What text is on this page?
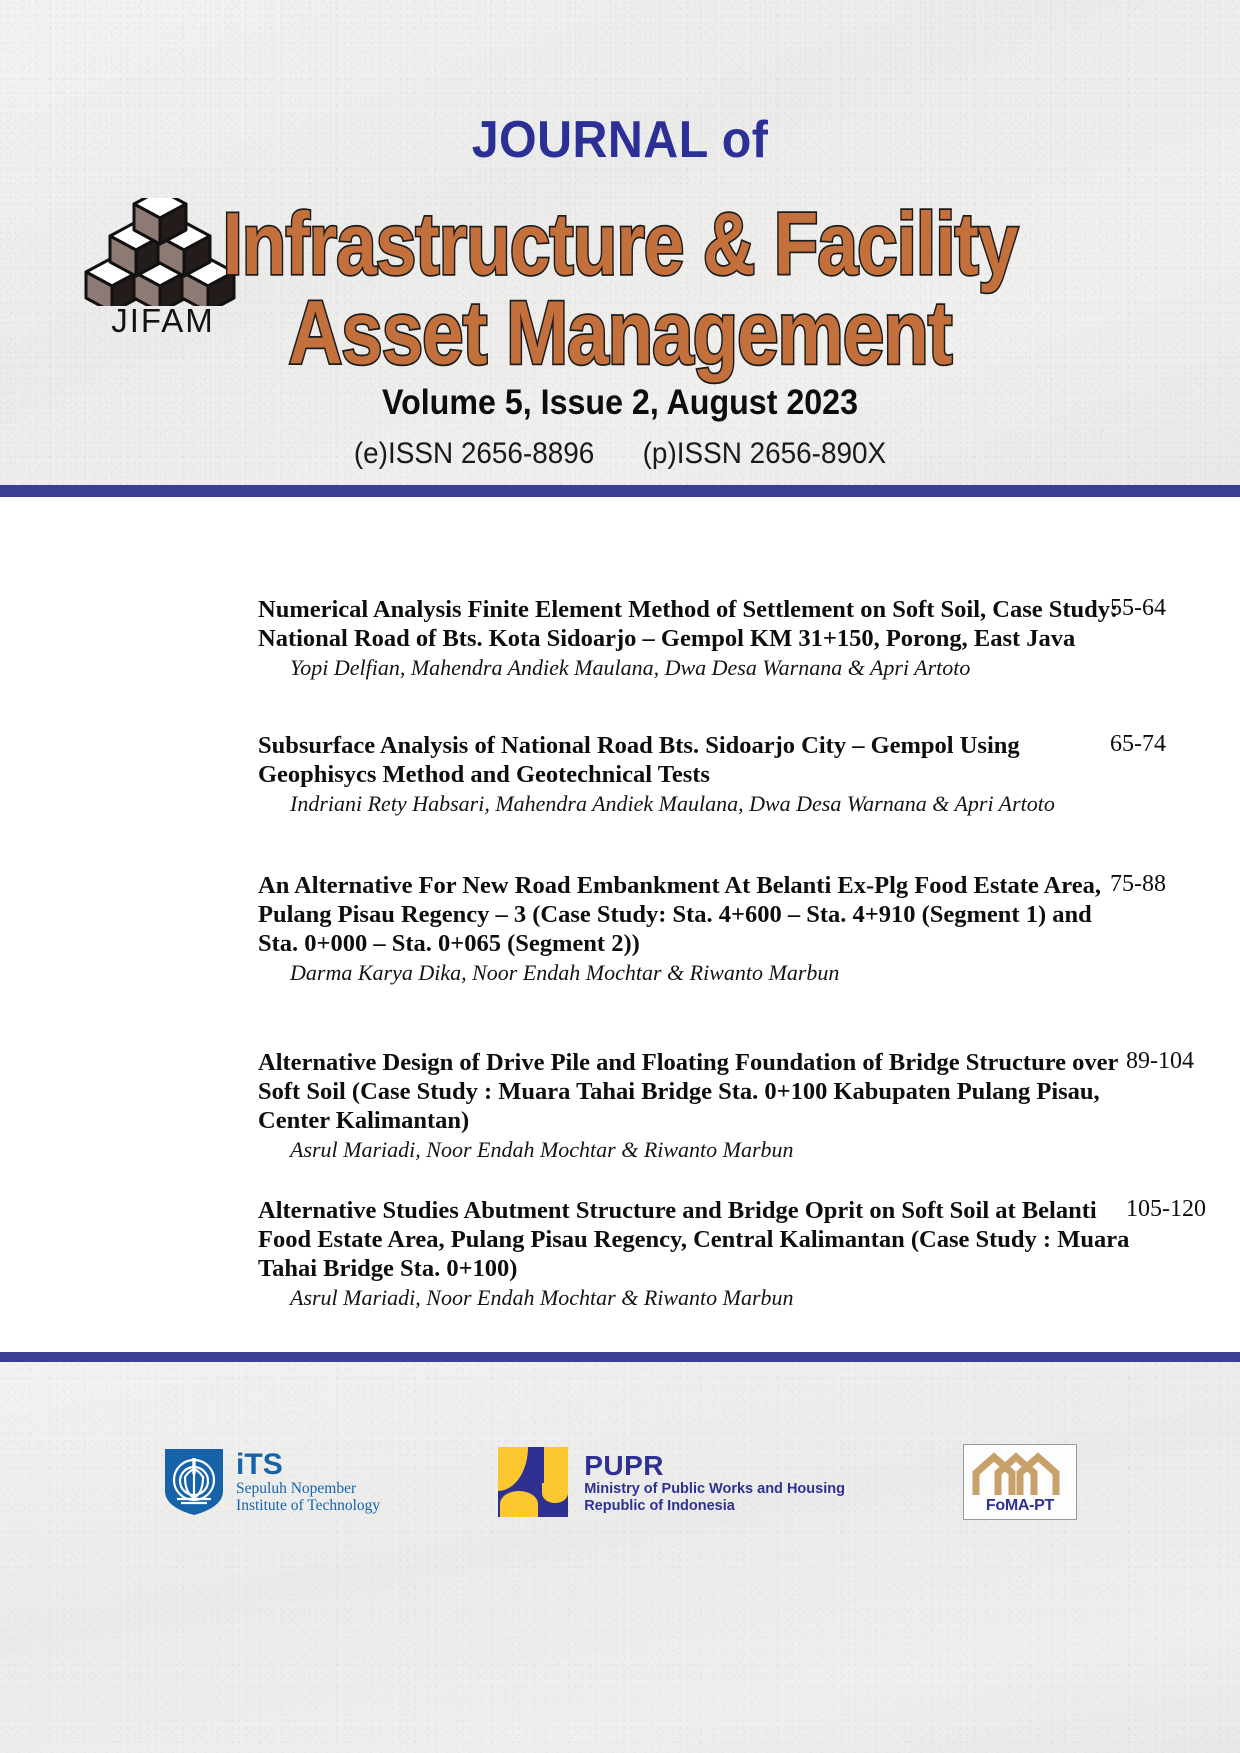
JIFAM
JOURNAL of
Infrastructure & Facility
Asset Management
Volume 5, Issue 2, August 2023
(e)ISSN 2656-8896 (p)ISSN 2656-890X
Numerical Analysis Finite Element Method of Settlement on Soft Soil, Case Study: National Road of Bts. Kota Sidoarjo – Gempol KM 31+150, Porong, East Java
Yopi Delfian, Mahendra Andiek Maulana, Dwa Desa Warnana & Apri Artoto
55-64
Subsurface Analysis of National Road Bts. Sidoarjo City – Gempol Using Geophisycs Method and Geotechnical Tests
Indriani Rety Habsari, Mahendra Andiek Maulana, Dwa Desa Warnana & Apri Artoto
65-74
An Alternative For New Road Embankment At Belanti Ex-Plg Food Estate Area, Pulang Pisau Regency – 3 (Case Study: Sta. 4+600 – Sta. 4+910 (Segment 1) and Sta. 0+000 – Sta. 0+065 (Segment 2))
Darma Karya Dika, Noor Endah Mochtar & Riwanto Marbun
75-88
Alternative Design of Drive Pile and Floating Foundation of Bridge Structure over Soft Soil (Case Study : Muara Tahai Bridge Sta. 0+100 Kabupaten Pulang Pisau, Center Kalimantan)
Asrul Mariadi, Noor Endah Mochtar & Riwanto Marbun
89-104
Alternative Studies Abutment Structure and Bridge Oprit on Soft Soil at Belanti Food Estate Area, Pulang Pisau Regency, Central Kalimantan (Case Study : Muara Tahai Bridge Sta. 0+100)
Asrul Mariadi, Noor Endah Mochtar & Riwanto Marbun
105-120
iTS
Sepuluh Nopember
Institute of Technology
PUPR
Ministry of Public Works and Housing
Republic of Indonesia	FoMA-PT
